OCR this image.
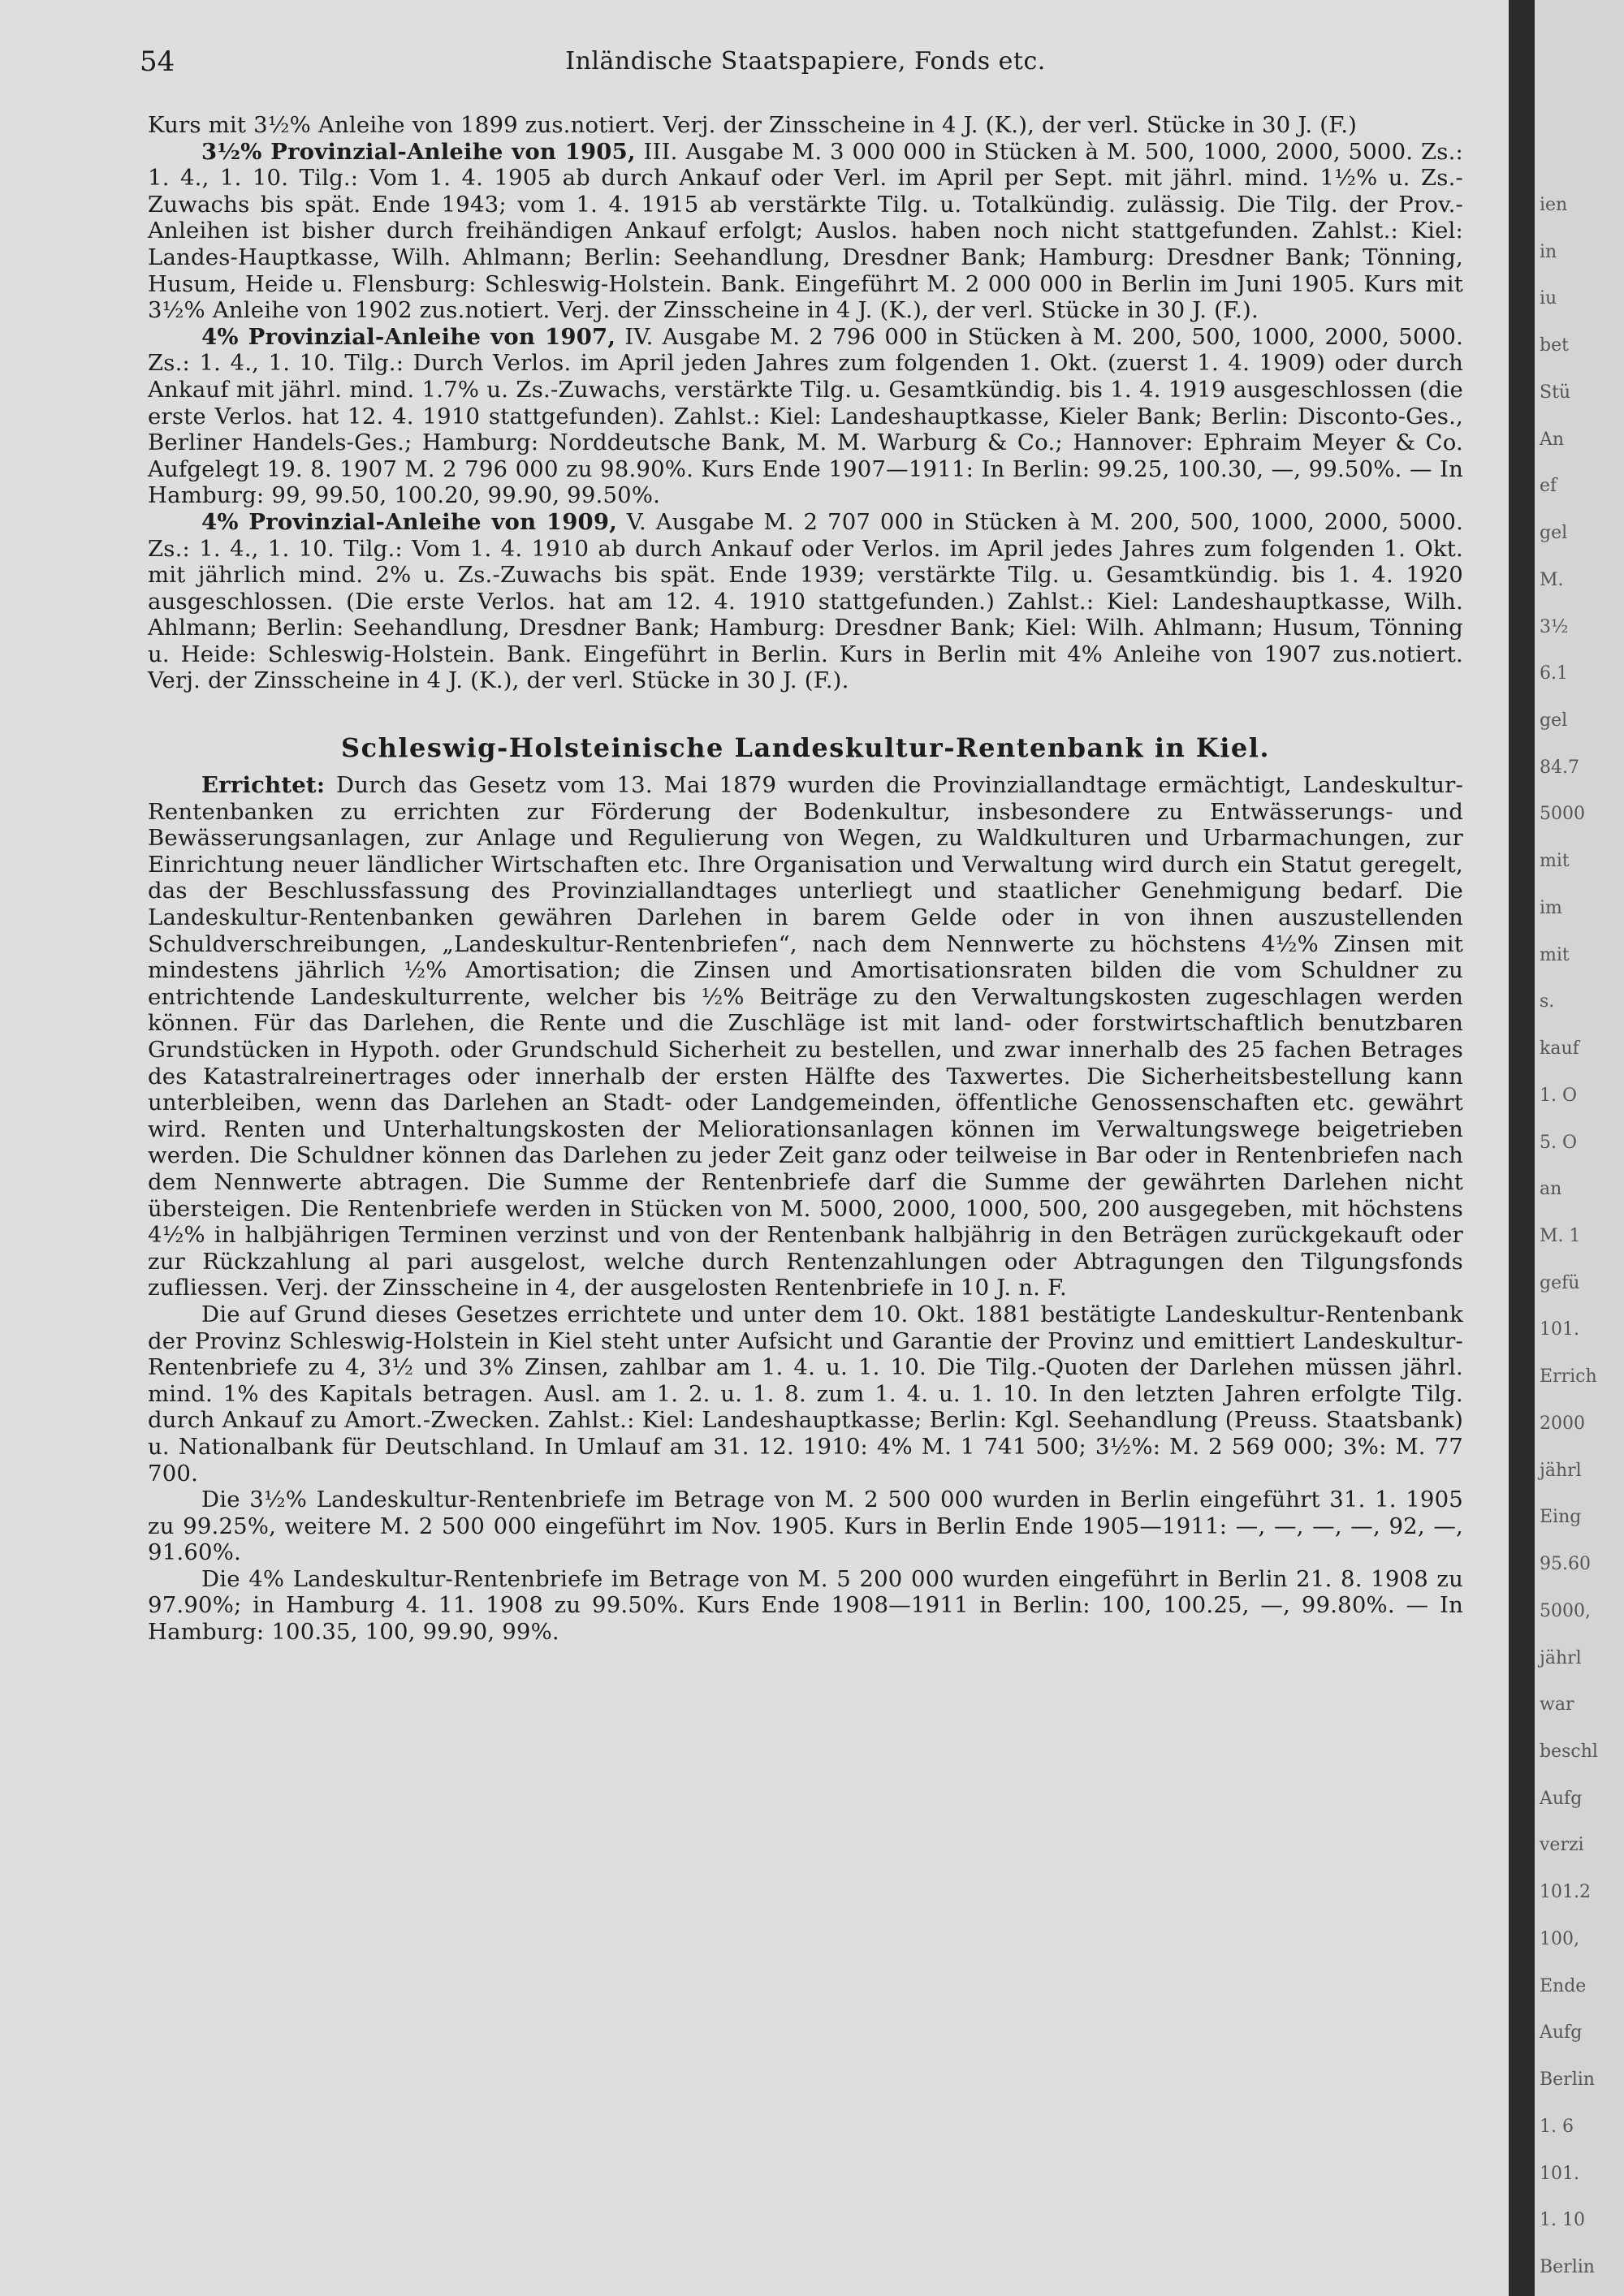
54	Inländische Staatspapiere, Fonds etc.

Kurs mit 3½% Anleihe von 1899 zus.notiert. Verj. der Zinsscheine in 4 J. (K.), der verl. Stücke in 30 J. (F.)

3½% Provinzial-Anleihe von 1905, III. Ausgabe M. 3 000 000 in Stücken à M. 500, 1000, 2000, 5000. Zs.: 1. 4., 1. 10. Tilg.: Vom 1. 4. 1905 ab durch Ankauf oder Verl. im April per Sept. mit jährl. mind. 1½% u. Zs.-Zuwachs bis spät. Ende 1943; vom 1. 4. 1915 ab verstärkte Tilg. u. Totalkündig. zulässig. Die Tilg. der Prov.-Anleihen ist bisher durch freihändigen Ankauf erfolgt; Auslos. haben noch nicht stattgefunden. Zahlst.: Kiel: Landes-Hauptkasse, Wilh. Ahlmann; Berlin: Seehandlung, Dresdner Bank; Hamburg: Dresdner Bank; Tönning, Husum, Heide u. Flensburg: Schleswig-Holstein. Bank. Eingeführt M. 2 000 000 in Berlin im Juni 1905. Kurs mit 3½% Anleihe von 1902 zus.notiert. Verj. der Zinsscheine in 4 J. (K.), der verl. Stücke in 30 J. (F.).

4% Provinzial-Anleihe von 1907, IV. Ausgabe M. 2 796 000 in Stücken à M. 200, 500, 1000, 2000, 5000. Zs.: 1. 4., 1. 10. Tilg.: Durch Verlos. im April jeden Jahres zum folgenden 1. Okt. (zuerst 1. 4. 1909) oder durch Ankauf mit jährl. mind. 1.7% u. Zs.-Zuwachs, verstärkte Tilg. u. Gesamtkündig. bis 1. 4. 1919 ausgeschlossen (die erste Verlos. hat 12. 4. 1910 stattgefunden). Zahlst.: Kiel: Landeshauptkasse, Kieler Bank; Berlin: Disconto-Ges., Berliner Handels-Ges.; Hamburg: Norddeutsche Bank, M. M. Warburg & Co.; Hannover: Ephraim Meyer & Co. Aufgelegt 19. 8. 1907 M. 2 796 000 zu 98.90%. Kurs Ende 1907—1911: In Berlin: 99.25, 100.30, —, 99.50%. — In Hamburg: 99, 99.50, 100.20, 99.90, 99.50%.

4% Provinzial-Anleihe von 1909, V. Ausgabe M. 2 707 000 in Stücken à M. 200, 500, 1000, 2000, 5000. Zs.: 1. 4., 1. 10. Tilg.: Vom 1. 4. 1910 ab durch Ankauf oder Verlos. im April jedes Jahres zum folgenden 1. Okt. mit jährlich mind. 2% u. Zs.-Zuwachs bis spät. Ende 1939; verstärkte Tilg. u. Gesamtkündig. bis 1. 4. 1920 ausgeschlossen. (Die erste Verlos. hat am 12. 4. 1910 stattgefunden.) Zahlst.: Kiel: Landeshauptkasse, Wilh. Ahlmann; Berlin: Seehandlung, Dresdner Bank; Hamburg: Dresdner Bank; Kiel: Wilh. Ahlmann; Husum, Tönning u. Heide: Schleswig-Holstein. Bank. Eingeführt in Berlin. Kurs in Berlin mit 4% Anleihe von 1907 zus.notiert. Verj. der Zinsscheine in 4 J. (K.), der verl. Stücke in 30 J. (F.).

Schleswig-Holsteinische Landeskultur-Rentenbank in Kiel.

Errichtet: Durch das Gesetz vom 13. Mai 1879 wurden die Provinziallandtage ermächtigt, Landeskultur-Rentenbanken zu errichten zur Förderung der Bodenkultur, insbesondere zu Entwässerungs- und Bewässerungsanlagen, zur Anlage und Regulierung von Wegen, zu Waldkulturen und Urbarmachungen, zur Einrichtung neuer ländlicher Wirtschaften etc. Ihre Organisation und Verwaltung wird durch ein Statut geregelt, das der Beschlussfassung des Provinziallandtages unterliegt und staatlicher Genehmigung bedarf. Die Landeskultur-Rentenbanken gewähren Darlehen in barem Gelde oder in von ihnen auszustellenden Schuldverschreibungen, „Landeskultur-Rentenbriefen“, nach dem Nennwerte zu höchstens 4½% Zinsen mit mindestens jährlich ½% Amortisation; die Zinsen und Amortisationsraten bilden die vom Schuldner zu entrichtende Landeskulturrente, welcher bis ½% Beiträge zu den Verwaltungskosten zugeschlagen werden können. Für das Darlehen, die Rente und die Zuschläge ist mit land- oder forstwirtschaftlich benutzbaren Grundstücken in Hypoth. oder Grundschuld Sicherheit zu bestellen, und zwar innerhalb des 25 fachen Betrages des Katastralreinertrages oder innerhalb der ersten Hälfte des Taxwertes. Die Sicherheitsbestellung kann unterbleiben, wenn das Darlehen an Stadt- oder Landgemeinden, öffentliche Genossenschaften etc. gewährt wird. Renten und Unterhaltungskosten der Meliorationsanlagen können im Verwaltungswege beigetrieben werden. Die Schuldner können das Darlehen zu jeder Zeit ganz oder teilweise in Bar oder in Rentenbriefen nach dem Nennwerte abtragen. Die Summe der Rentenbriefe darf die Summe der gewährten Darlehen nicht übersteigen. Die Rentenbriefe werden in Stücken von M. 5000, 2000, 1000, 500, 200 ausgegeben, mit höchstens 4½% in halbjährigen Terminen verzinst und von der Rentenbank halbjährig in den Beträgen zurückgekauft oder zur Rückzahlung al pari ausgelost, welche durch Rentenzahlungen oder Abtragungen den Tilgungsfonds zufliessen. Verj. der Zinsscheine in 4, der ausgelosten Rentenbriefe in 10 J. n. F.

Die auf Grund dieses Gesetzes errichtete und unter dem 10. Okt. 1881 bestätigte Landeskultur-Rentenbank der Provinz Schleswig-Holstein in Kiel steht unter Aufsicht und Garantie der Provinz und emittiert Landeskultur-Rentenbriefe zu 4, 3½ und 3% Zinsen, zahlbar am 1. 4. u. 1. 10. Die Tilg.-Quoten der Darlehen müssen jährl. mind. 1% des Kapitals betragen. Ausl. am 1. 2. u. 1. 8. zum 1. 4. u. 1. 10. In den letzten Jahren erfolgte Tilg. durch Ankauf zu Amort.-Zwecken. Zahlst.: Kiel: Landeshauptkasse; Berlin: Kgl. Seehandlung (Preuss. Staatsbank) u. Nationalbank für Deutschland. In Umlauf am 31. 12. 1910: 4% M. 1 741 500; 3½%: M. 2 569 000; 3%: M. 77 700.

Die 3½% Landeskultur-Rentenbriefe im Betrage von M. 2 500 000 wurden in Berlin eingeführt 31. 1. 1905 zu 99.25%, weitere M. 2 500 000 eingeführt im Nov. 1905. Kurs in Berlin Ende 1905—1911: —, —, —, —, 92, —, 91.60%.

Die 4% Landeskultur-Rentenbriefe im Betrage von M. 5 200 000 wurden eingeführt in Berlin 21. 8. 1908 zu 97.90%; in Hamburg 4. 11. 1908 zu 99.50%. Kurs Ende 1908—1911 in Berlin: 100, 100.25, —, 99.80%. — In Hamburg: 100.35, 100, 99.90, 99%.

ien
in
iu
bet
Stü
An
ef
gel
M.
3½
6.1
gel
84.7
5000
mit
im
mit
s.
kauf
1. O
5. O
an
M. 1
gefü
101.
Errich
2000
jährl
Eing
95.60
5000,
jährl
war
beschl
Aufg
verzi
101.2
100,
Ende
Aufg
Berlin
1. 6
101.
1. 10
Berlin
